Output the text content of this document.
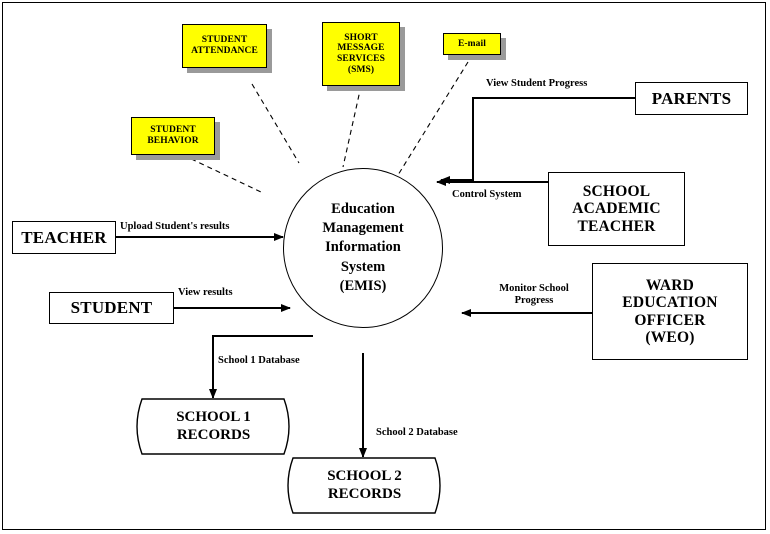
STUDENT
ATTENDANCE
SHORT
MESSAGE
SERVICES
(SMS)
E-mail
STUDENT
BEHAVIOR
Education
Management
Information
System
(EMIS)
PARENTS
SCHOOL
ACADEMIC
TEACHER
WARD
EDUCATION
OFFICER
(WEO)
TEACHER
STUDENT
SCHOOL 1
RECORDS
SCHOOL 2
RECORDS
View Student Progress
Control System
Monitor School
Progress
Upload Student's results
View results
School 1 Database
School 2 Database
